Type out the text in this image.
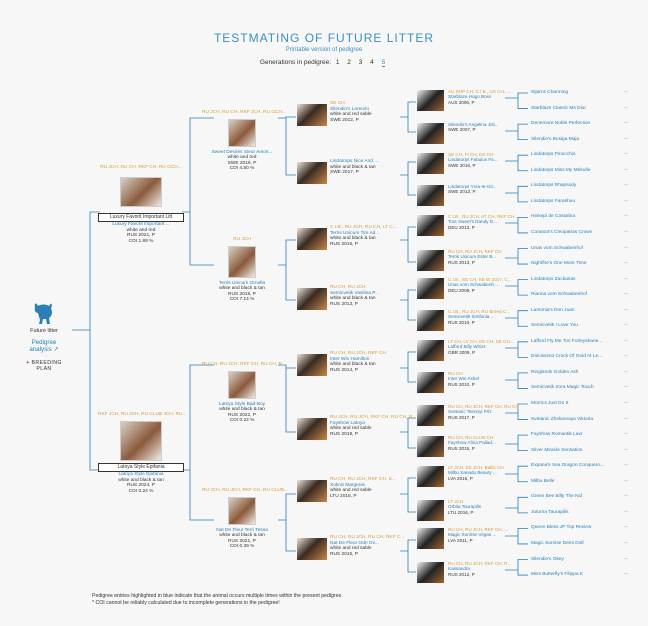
TESTMATING OF FUTURE LITTER
Printable version of pedigree
Generations in pedigree: 1 2 3 4 5
Future litter
Pedigree analysis ↗
+ BREEDING PLAN
RU JCH, RU CH, RKF CH, RU GCH...
Luxury Favorit Important Litt
Luxury Favorit Important ...
white and red
RUS 2021, P
COI 1.89 %
RKF JCH, RU JCH, RU CLUB JCH, RU...
Latoya Style Epifania
Latoya Style Epifania
white and black & tan
RUS 2024, P
COI 0.24 %
RU JCH, RU CH, RKF JCH, RU GCH...
Sweet Desires Sieur Amos...
white and red
SWE 2019, P
COI 4.50 %
RU JCH
Terris Unicum Ornella
white and black & tan
RUS 2018, P
COI 7.14 %
RU CH, RU JCH, RKF CH, RU CH, R...
Latoya Style Bad-Boy
white and black & tan
RUS 2022, P
COI 0.22 %
RU JCH, RU JCH, RKF CH, RU CLUB...
Nat De Fleur Terri Tessa
white and black & tan
RUS 2021, P
COI 0.39 %
SE CH
Silendio's Lorenzo
white and red sable
SWE 2012, P
Lindatorps Nice And ...
white and black & tan
SWE 2017, P
C.I.B., RU JCH, RU CH, LT C...
Terris Unicum Tim Ad...
white and black & tan
RUS 2016, P
RU CH, RU JCH
Semicvetik Vasilina P...
white and black & tan
RUS 2013, P
RU CH, RU JCH, RKF CH
Inter Win Hamilton
white and black & tan
RUS 2014, P
RU JCH, RU JCH, RKF CH, RU CH, R...
Fayshow Latoya
white and red sable
RUS 2019, P
RU CH, RU JCH, RKF CH, S...
Sokrat Margenis
white and red sable
LTU 2018, P
RU CH, RU JCH, RU CH, RKF C...
Nat De Fleur Odri Ov...
white and red sable
RUS 2015, P
AU SHP CH, C.I.B., US CH, ...
Starblaze Hugo Boss
AUS 2006, P
Silendio's Angelina Joli...
SWE 2007, P
SE CH, FI CH, DK CH
Lindatorps Fabulus Fa...
SWE 2016, P
Lindatorps Yrsa-Ie-Gir...
SWE 2013, P
C.I.B., RU JCH, AT CH, RKF CH...
Toot Sweet's Dandy D...
DEU 2013, P
RU CH, RU JCH, RKF CH
Terris Unicum Ester B...
RUS 2013, P
C.I.B., SE CH, SE W 2017, C...
Unas vom Schwabenh...
DEU 2008, P
C.I.B., RU JCH, RU Breed C...
Semicvetik Simfonia ...
RUS 2010, P
LT CH, LV CH, EE CH, SE CH...
Lafford Billy Whizz
GBR 2009, P
RU CH
Inter Win Ashel
RUS 2010, P
RU CH, RU JCH, RKF CH, RU CH
Svetanic Tsennyi Priz
RUS 2017, P
RU CH, RU CLUB CH
Fayshow Afina Pallad...
RUS 2015, P
LT JCH, EE JCH, Baltic CH
Milbu Xanadu Beauty ...
LVA 2016, P
LT JCH
Orbita Taurapilis
LTU 2016, P
RU CH, RU JCH, RKF CH, ...
Magic Sunrise Vegas ...
LVA 2011, P
RU CH, RU JCH, RKF CH, R...
Kassandra
RUS 2012, P
Stjarns Charming	‥
Starblaze Classic Ms Dior	‥
Denemore Noble Perfection	‥
Silendio's Busiga Maja	‥
Lindatorps Pinocchio	‥
Lindatorps Miss My Melodie	‥
Lindatorps Rhapsody	‥
Lindatorps Farashuu	‥
Hinkepi de Costalina	‥
Coratoot's Cleopatras Crown	‥
Unas vom Schwabenhof	‥
Nightfire's One More Time	‥
Lindatorps Zackarias	‥
Rianna vom Schwabenhof	‥
Lamonia's Don Juan	‥
Semicvetik I Love You	‥
Lafford Fly Me Too Forleyshane...	‥
Dolcissimo Crock Of Gold At Le...	‥
Ringlands Golden Ash	‥
Semicvetik Zora Magic Touch	‥
Morrics Just Do It	‥
Svetanic Zhelannaya Viktoria	‥
Fayshow Romantik Lavr	‥
Silver Miracle Sensation	‥
Expana's Sea Dragon Conquero...	‥
Milbu Belle	‥
Green Bee Billy The Kid	‥
Juturna Taurapilis	‥
Queen Bless JP Top Review	‥
Magic Sunrise Demi Doll	‥
Silendio's Okey	‥
Miss Butterfly's Filippa K	‥
Pedigree entries highlighted in blue indicate that the animal occurs multiple times within the present pedigree.
* COI cannot be reliably calculated due to incomplete generations in the pedigree!
